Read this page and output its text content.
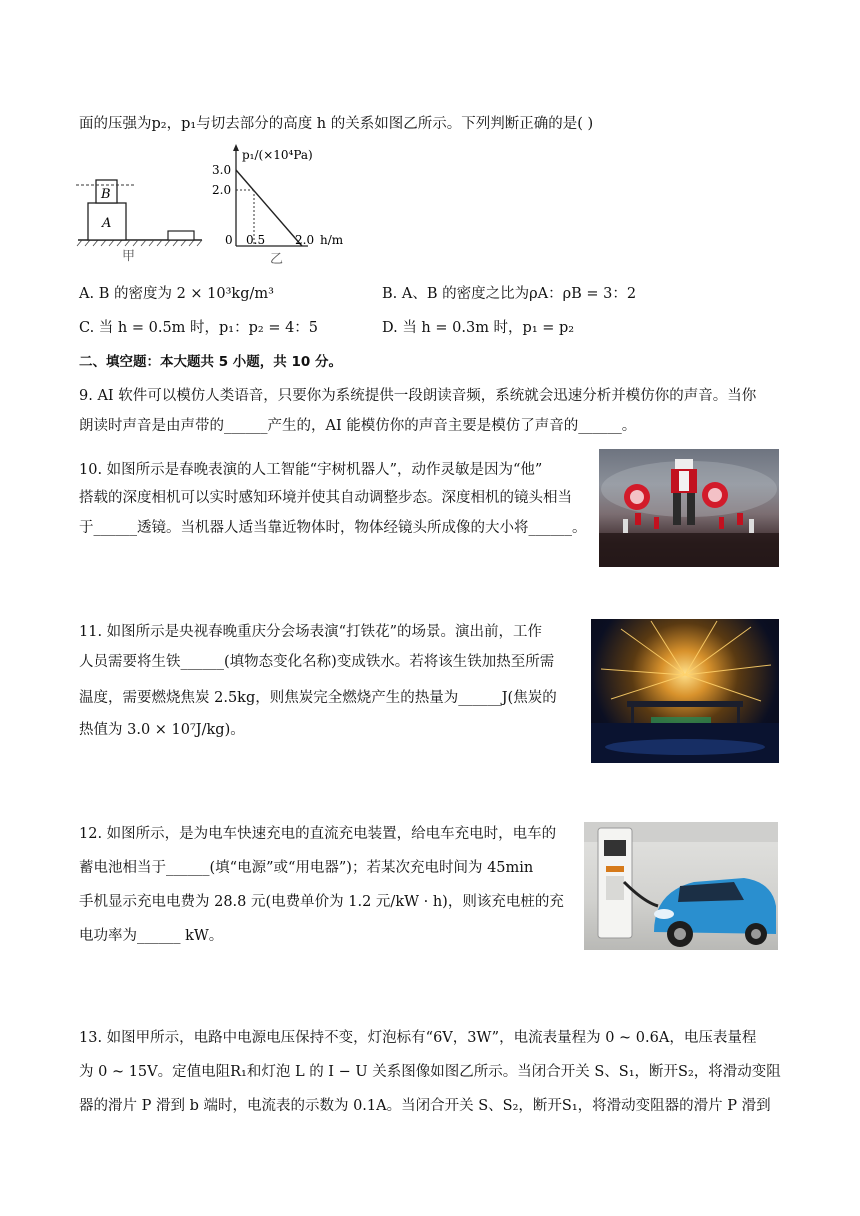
面的压强为p₂，p₁与切去部分的高度 h 的关系如图乙所示。下列判断正确的是( )
A
B
甲
p₁/(×10⁴Pa)
3.0
2.0
0 0.5 2.0 h/m
乙
A. B 的密度为 2 × 10³kg/m³	B. A、B 的密度之比为ρA：ρB = 3：2
C. 当 h = 0.5m 时，p₁：p₂ = 4：5	D. 当 h = 0.3m 时，p₁ = p₂
二、填空题：本大题共 5 小题，共 10 分。
9. AI 软件可以模仿人类语音，只要你为系统提供一段朗读音频，系统就会迅速分析并模仿你的声音。当你
朗读时声音是由声带的______产生的，AI 能模仿你的声音主要是模仿了声音的______。
10. 如图所示是春晚表演的人工智能“宇树机器人”，动作灵敏是因为“他”
搭载的深度相机可以实时感知环境并使其自动调整步态。深度相机的镜头相当
于______透镜。当机器人适当靠近物体时，物体经镜头所成像的大小将______。
11. 如图所示是央视春晚重庆分会场表演“打铁花”的场景。演出前，工作
人员需要将生铁______(填物态变化名称)变成铁水。若将该生铁加热至所需
温度，需要燃烧焦炭 2.5kg，则焦炭完全燃烧产生的热量为______J(焦炭的
热值为 3.0 × 10⁷J/kg)。
12. 如图所示，是为电车快速充电的直流充电装置，给电车充电时，电车的
蓄电池相当于______(填“电源”或“用电器”)；若某次充电时间为 45min
手机显示充电电费为 28.8 元(电费单价为 1.2 元/kW · h)，则该充电桩的充
电功率为______ kW。
13. 如图甲所示，电路中电源电压保持不变，灯泡标有“6V，3W”，电流表量程为 0 ~ 0.6A，电压表量程
为 0 ~ 15V。定值电阻R₁和灯泡 L 的 I − U 关系图像如图乙所示。当闭合开关 S、S₁，断开S₂，将滑动变阻
器的滑片 P 滑到 b 端时，电流表的示数为 0.1A。当闭合开关 S、S₂，断开S₁，将滑动变阻器的滑片 P 滑到
